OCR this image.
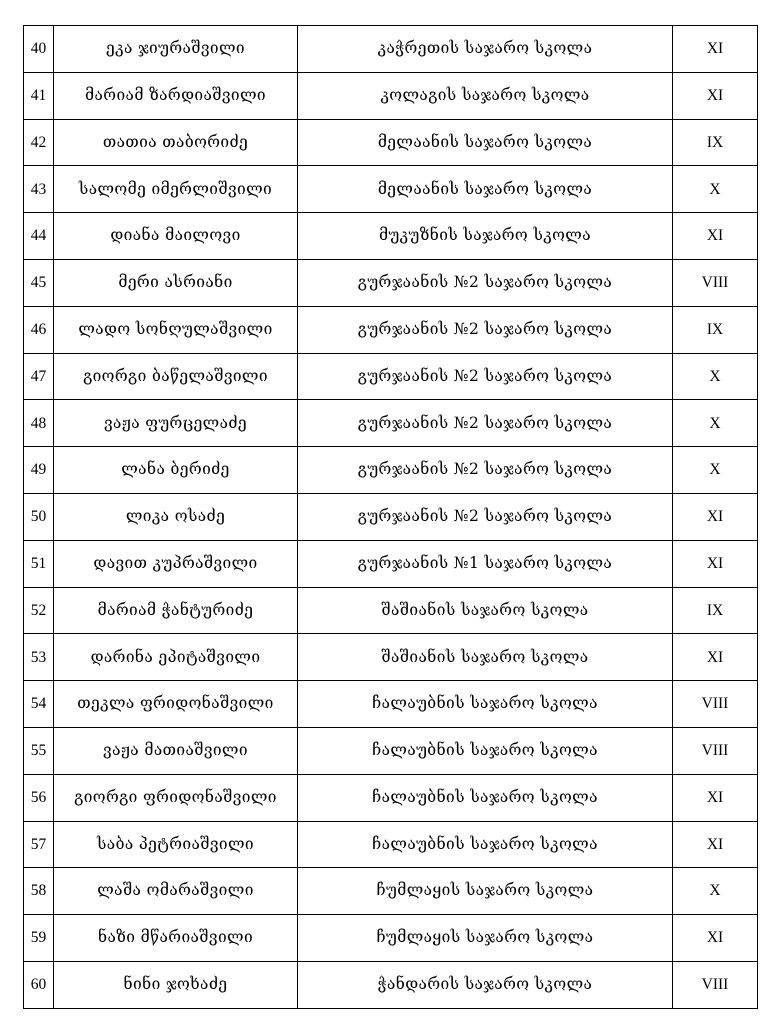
40	ეკა ჯიურაშვილი	კაჭრეთის საჯარო სკოლა	XI
41	მარიამ ზარდიაშვილი	კოლაგის საჯარო სკოლა	XI
42	თათია თაბორიძე	მელაანის საჯარო სკოლა	IX
43	სალომე იმერლიშვილი	მელაანის საჯარო სკოლა	X
44	დიანა მაილოვი	მუკუზნის საჯარო სკოლა	XI
45	მერი ასრიანი	გურჯაანის №2 საჯარო სკოლა	VIII
46	ლადო სონღულაშვილი	გურჯაანის №2 საჯარო სკოლა	IX
47	გიორგი ბაწელაშვილი	გურჯაანის №2 საჯარო სკოლა	X
48	ვაჟა ფურცელაძე	გურჯაანის №2 საჯარო სკოლა	X
49	ლანა ბერიძე	გურჯაანის №2 საჯარო სკოლა	X
50	ლიკა ოსაძე	გურჯაანის №2 საჯარო სკოლა	XI
51	დავით კუპრაშვილი	გურჯაანის №1 საჯარო სკოლა	XI
52	მარიამ ჭანტურიძე	შაშიანის საჯარო სკოლა	IX
53	დარინა ეპიტაშვილი	შაშიანის საჯარო სკოლა	XI
54	თეკლა ფრიდონაშვილი	ჩალაუბნის საჯარო სკოლა	VIII
55	ვაჟა მათიაშვილი	ჩალაუბნის საჯარო სკოლა	VIII
56	გიორგი ფრიდონაშვილი	ჩალაუბნის საჯარო სკოლა	XI
57	საბა პეტრიაშვილი	ჩალაუბნის საჯარო სკოლა	XI
58	ლაშა ომარაშვილი	ჩუმლაყის საჯარო სკოლა	X
59	ნაზი მწარიაშვილი	ჩუმლაყის საჯარო სკოლა	XI
60	ნინი ჯოხაძე	ჭანდარის საჯარო სკოლა	VIII
